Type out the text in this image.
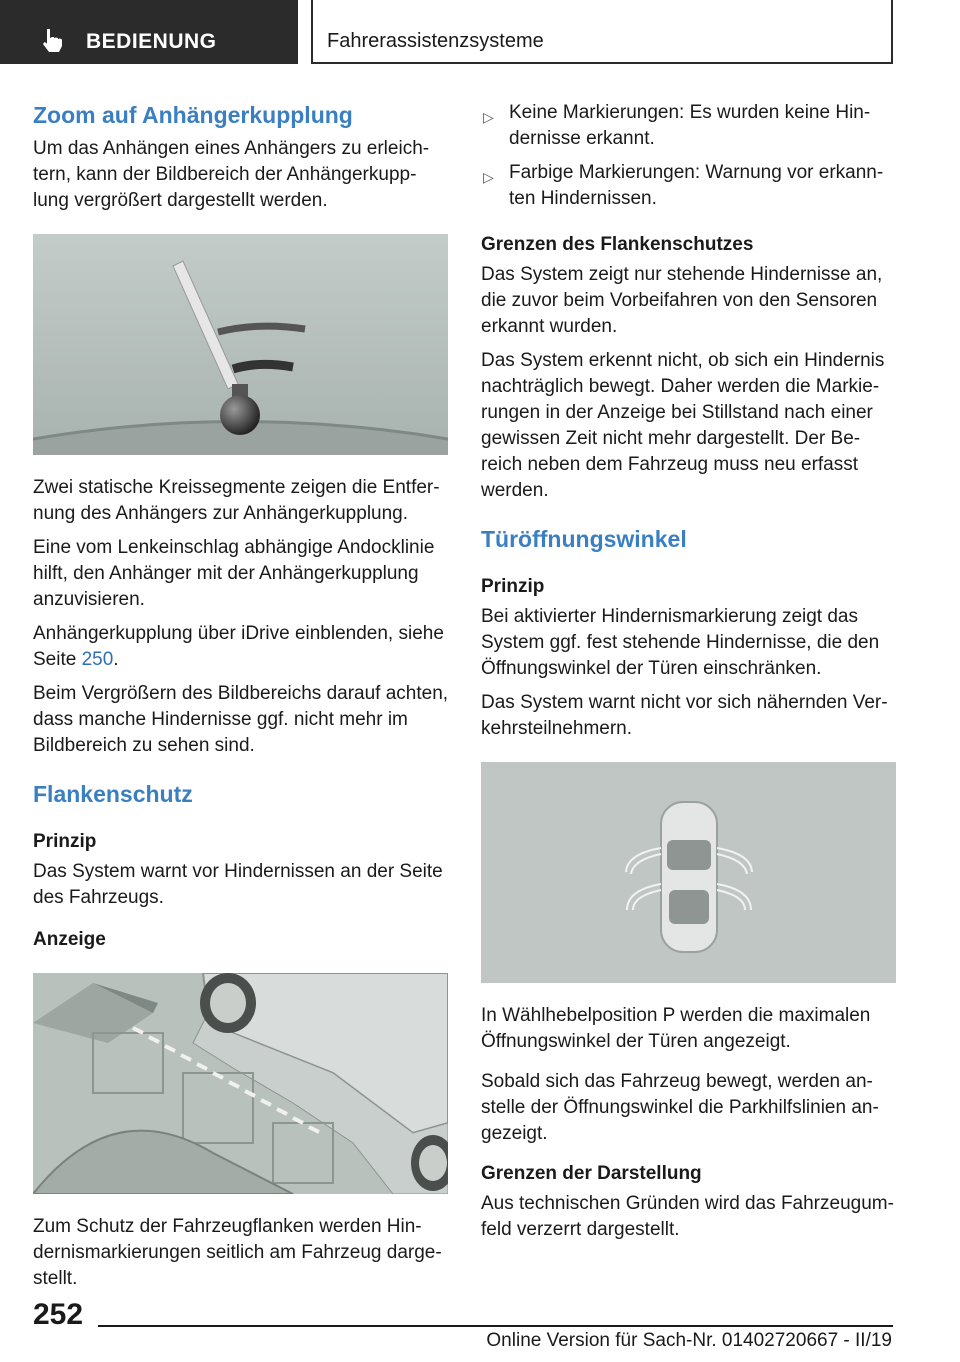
BEDIENUNG	Fahrerassistenzsysteme
Zoom auf Anhängerkupplung

Um das Anhängen eines Anhängers zu erleich-tern, kann der Bildbereich der Anhängerkupp-lung vergrößert dargestellt werden.

Zwei statische Kreissegmente zeigen die Entfer-nung des Anhängers zur Anhängerkupplung.

Eine vom Lenkeinschlag abhängige Andocklinie hilft, den Anhänger mit der Anhängerkupplung anzuvisieren.

Anhängerkupplung über iDrive einblenden, siehe Seite 250.

Beim Vergrößern des Bildbereichs darauf achten, dass manche Hindernisse ggf. nicht mehr im Bildbereich zu sehen sind.

Flankenschutz
Prinzip

Das System warnt vor Hindernissen an der Seite des Fahrzeugs.

Anzeige

Zum Schutz der Fahrzeugflanken werden Hin-dernismarkierungen seitlich am Fahrzeug darge-stellt.

▷ Keine Markierungen: Es wurden keine Hin-dernisse erkannt.
▷ Farbige Markierungen: Warnung vor erkann-ten Hindernissen.
Grenzen des Flankenschutzes

Das System zeigt nur stehende Hindernisse an, die zuvor beim Vorbeifahren von den Sensoren erkannt wurden.

Das System erkennt nicht, ob sich ein Hindernis nachträglich bewegt. Daher werden die Markie-rungen in der Anzeige bei Stillstand nach einer gewissen Zeit nicht mehr dargestellt. Der Be-reich neben dem Fahrzeug muss neu erfasst werden.

Türöffnungswinkel
Prinzip

Bei aktivierter Hindernismarkierung zeigt das System ggf. fest stehende Hindernisse, die den Öffnungswinkel der Türen einschränken.

Das System warnt nicht vor sich nähernden Ver-kehrsteilnehmern.

In Wählhebelposition P werden die maximalen Öffnungswinkel der Türen angezeigt.

Sobald sich das Fahrzeug bewegt, werden an-stelle der Öffnungswinkel die Parkhilfslinien an-gezeigt.

Grenzen der Darstellung

Aus technischen Gründen wird das Fahrzeugum-feld verzerrt dargestellt.

252
Online Version für Sach-Nr. 01402720667 - II/19
